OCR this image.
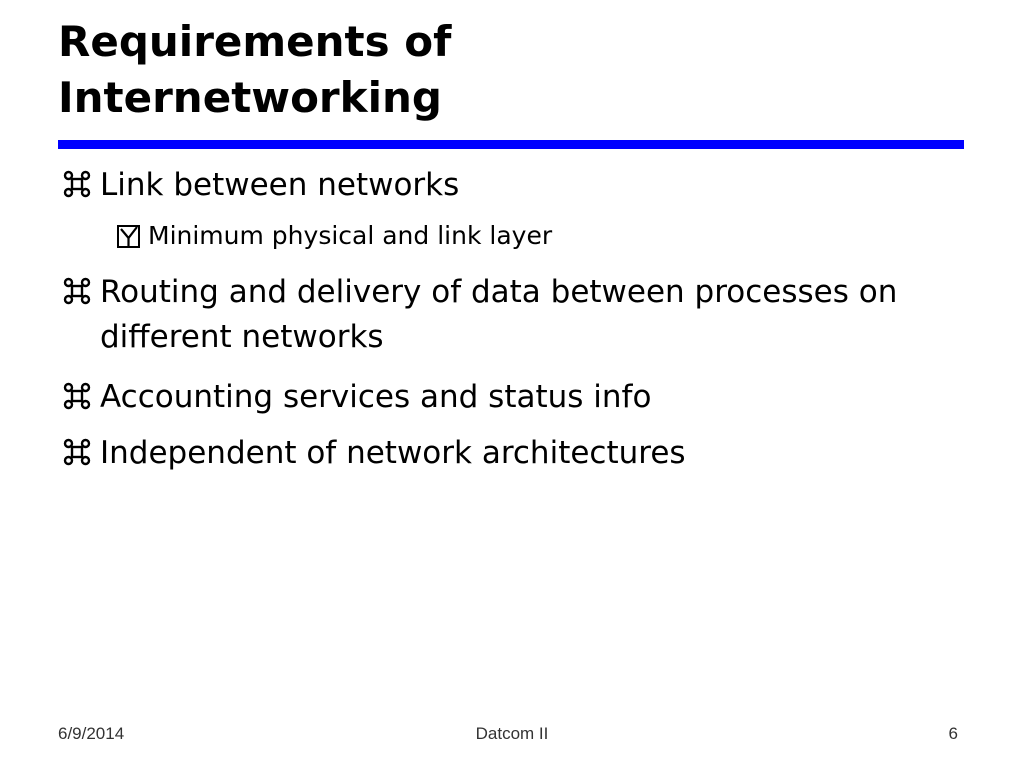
Requirements of
Internetworking
Link between networks
Minimum physical and link layer
Routing and delivery of data between processes on different networks
Accounting services and status info
Independent of network architectures
6/9/2014	Datcom II	6
